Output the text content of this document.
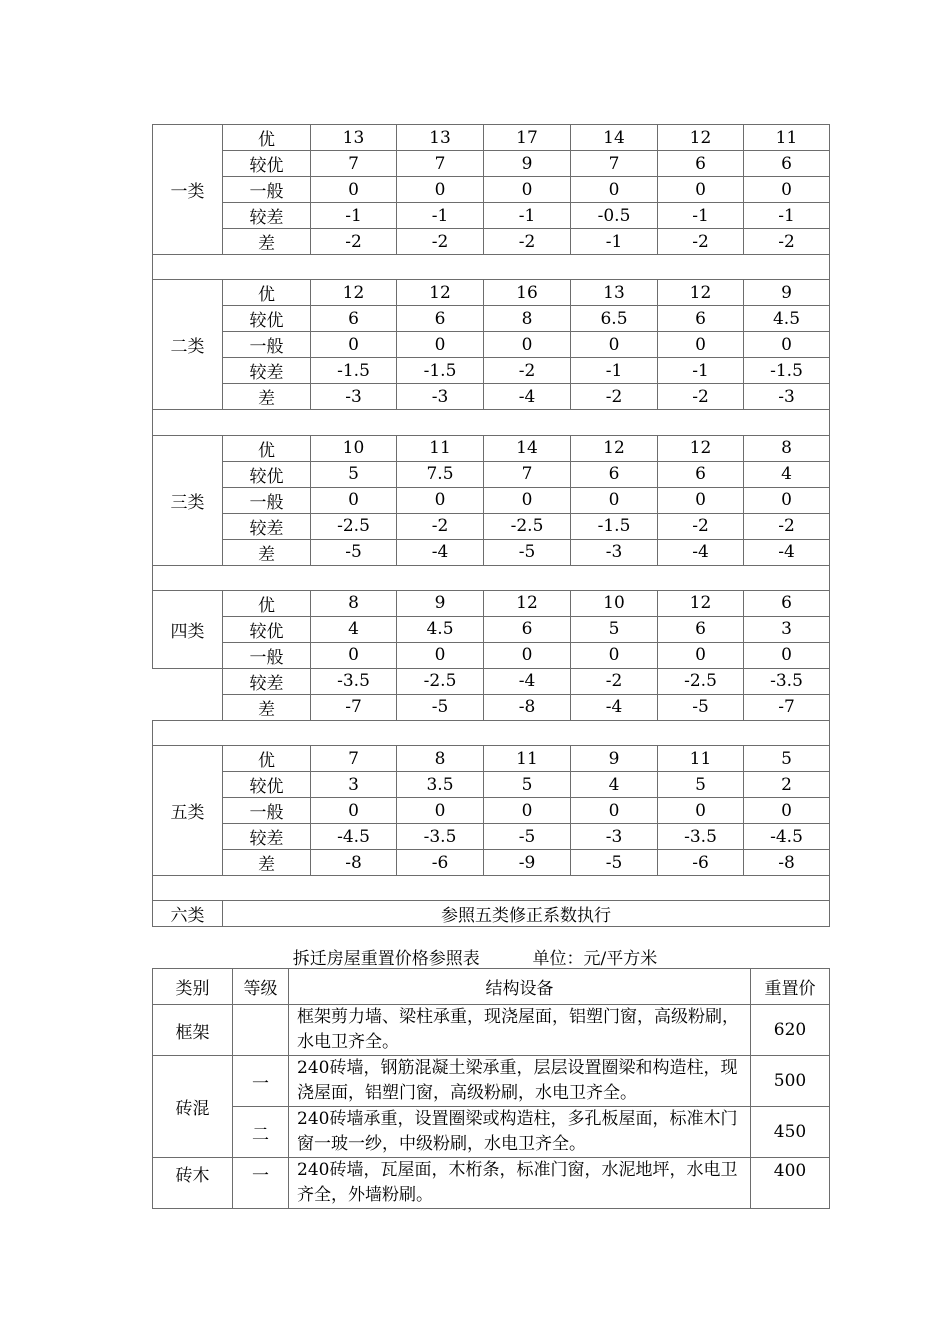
一类	优	13	13	17	14	12	11
	较优	7	7	9	7	6	6
	一般	0	0	0	0	0	0
	较差	-1	-1	-1	-0.5	-1	-1
	差	-2	-2	-2	-1	-2	-2

二类	优	12	12	16	13	12	9
	较优	6	6	8	6.5	6	4.5
	一般	0	0	0	0	0	0
	较差	-1.5	-1.5	-2	-1	-1	-1.5
	差	-3	-3	-4	-2	-2	-3

三类	优	10	11	14	12	12	8
	较优	5	7.5	7	6	6	4
	一般	0	0	0	0	0	0
	较差	-2.5	-2	-2.5	-1.5	-2	-2
	差	-5	-4	-5	-3	-4	-4

四类	优	8	9	12	10	12	6
	较优	4	4.5	6	5	6	3
	一般	0	0	0	0	0	0
	较差	-3.5	-2.5	-4	-2	-2.5	-3.5
	差	-7	-5	-8	-4	-5	-7

五类	优	7	8	11	9	11	5
	较优	3	3.5	5	4	5	2
	一般	0	0	0	0	0	0
	较差	-4.5	-3.5	-5	-3	-3.5	-4.5
	差	-8	-6	-9	-5	-6	-8

六类	参照五类修正系数执行						
拆迁房屋重置价格参照表	单位：元/平方米
类别	等级	结构设备	重置价
框架		框架剪力墙、梁柱承重，现浇屋面，铝塑门窗，高级粉刷，水电卫齐全。	620
砖混	一	240砖墙，钢筋混凝土梁承重，层层设置圈梁和构造柱，现浇屋面，铝塑门窗，高级粉刷，水电卫齐全。	500
	二	240砖墙承重，设置圈梁或构造柱，多孔板屋面，标准木门窗一玻一纱，中级粉刷，水电卫齐全。	450
砖木	一	240砖墙，瓦屋面，木桁条，标准门窗，水泥地坪，水电卫齐全，外墙粉刷。	400
